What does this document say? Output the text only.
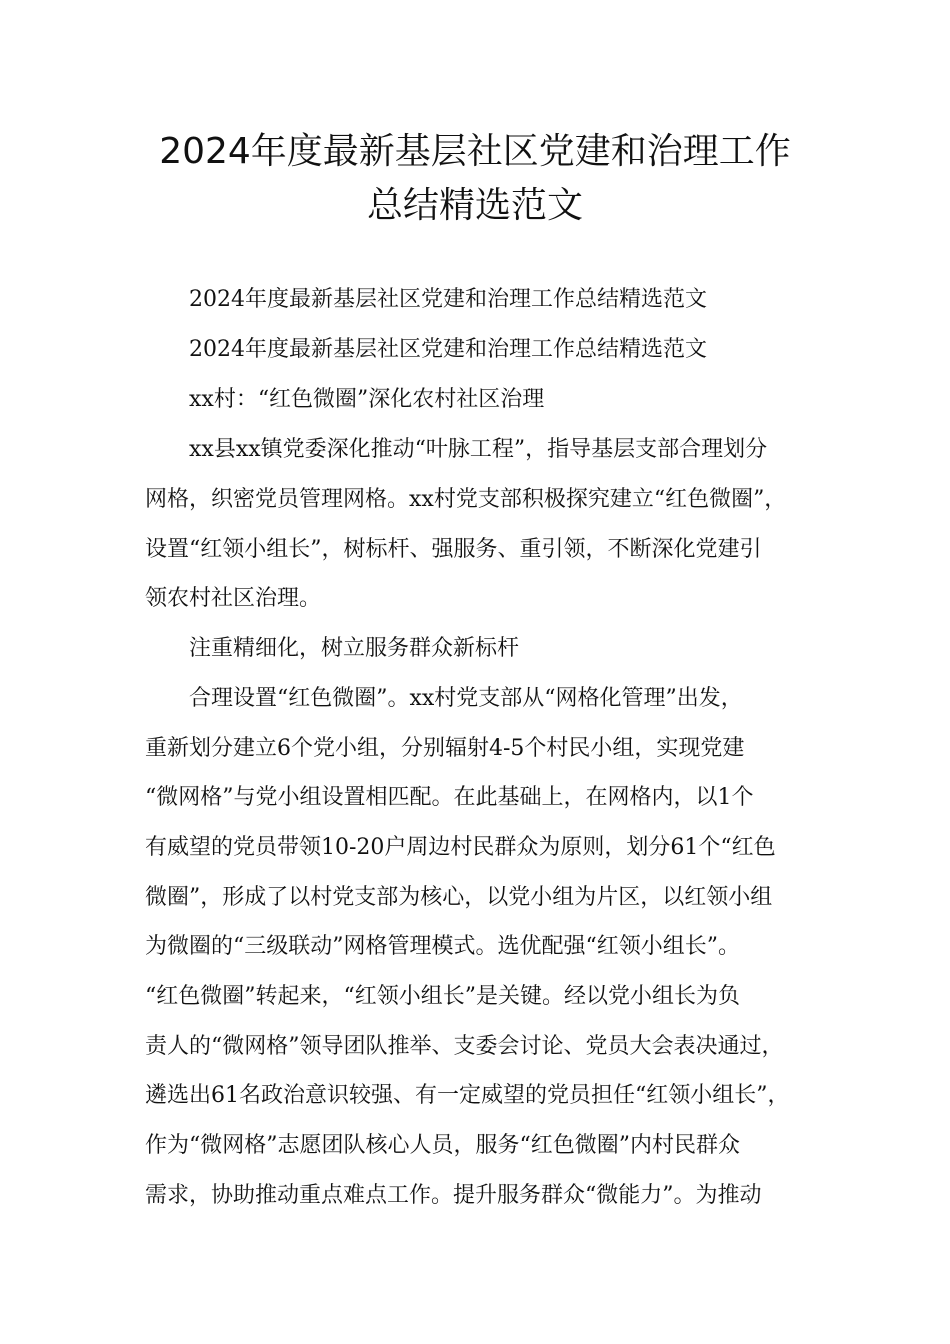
2024年度最新基层社区党建和治理工作
总结精选范文

2024年度最新基层社区党建和治理工作总结精选范文

2024年度最新基层社区党建和治理工作总结精选范文

xx村：“红色微圈”深化农村社区治理

xx县xx镇党委深化推动“叶脉工程”，指导基层支部合理划分

网格，织密党员管理网格。xx村党支部积极探究建立“红色微圈”，

设置“红领小组长”，树标杆、强服务、重引领，不断深化党建引

领农村社区治理。

注重精细化，树立服务群众新标杆

合理设置“红色微圈”。xx村党支部从“网格化管理”出发，

重新划分建立6个党小组，分别辐射4-5个村民小组，实现党建

“微网格”与党小组设置相匹配。在此基础上，在网格内，以1个

有威望的党员带领10-20户周边村民群众为原则，划分61个“红色

微圈”，形成了以村党支部为核心，以党小组为片区，以红领小组

为微圈的“三级联动”网格管理模式。选优配强“红领小组长”。

“红色微圈”转起来，“红领小组长”是关键。经以党小组长为负

责人的“微网格”领导团队推举、支委会讨论、党员大会表决通过，

遴选出61名政治意识较强、有一定威望的党员担任“红领小组长”，

作为“微网格”志愿团队核心人员，服务“红色微圈”内村民群众

需求，协助推动重点难点工作。提升服务群众“微能力”。为推动
